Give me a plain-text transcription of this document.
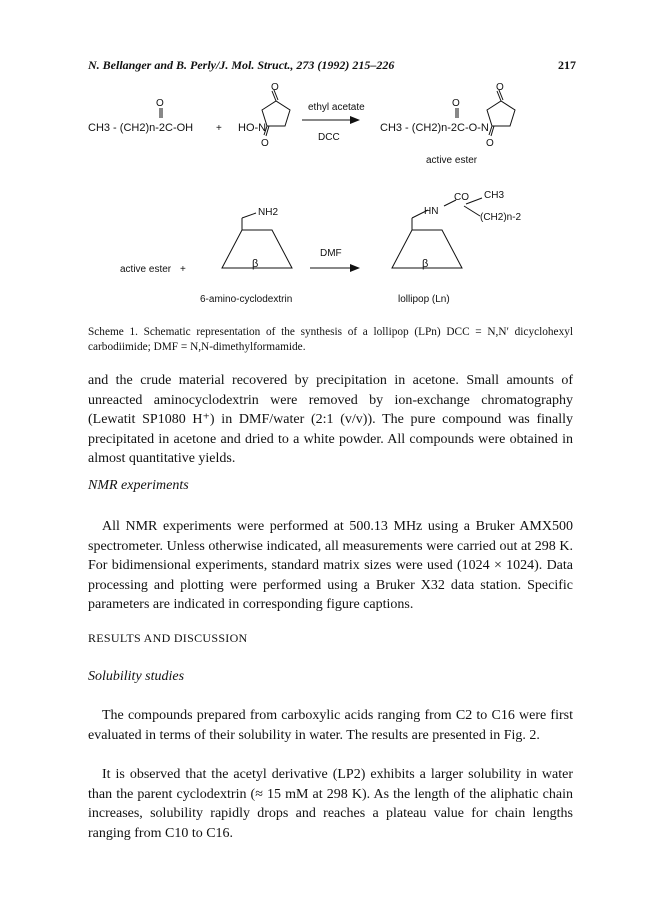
N. Bellanger and B. Perly/J. Mol. Struct., 273 (1992) 215–226	217
O
O
O
O
O
O
CH3 - (CH2)n-2C-OH + HO-N
ethyl acetate
DCC
CH3 - (CH2)n-2C-O-N
active ester
active ester +
NH2
β
6-amino-cyclodextrin
DMF
HN
CO CH3
(CH2)n-2
β
lollipop (Ln)
Scheme 1. Schematic representation of the synthesis of a lollipop (LPn) DCC = N,N′ dicyclohexyl carbodiimide; DMF = N,N-dimethylformamide.

and the crude material recovered by precipitation in acetone. Small amounts of unreacted aminocyclodextrin were removed by ion-exchange chromatography (Lewatit SP1080 H⁺) in DMF/water (2:1 (v/v)). The pure compound was finally precipitated in acetone and dried to a white powder. All compounds were obtained in almost quantitative yields.

NMR experiments

All NMR experiments were performed at 500.13 MHz using a Bruker AMX500 spectrometer. Unless otherwise indicated, all measurements were carried out at 298 K. For bidimensional experiments, standard matrix sizes were used (1024 × 1024). Data processing and plotting were performed using a Bruker X32 data station. Specific parameters are indicated in corresponding figure captions.

RESULTS AND DISCUSSION
Solubility studies

The compounds prepared from carboxylic acids ranging from C2 to C16 were first evaluated in terms of their solubility in water. The results are presented in Fig. 2.

It is observed that the acetyl derivative (LP2) exhibits a larger solubility in water than the parent cyclodextrin (≈ 15 mM at 298 K). As the length of the aliphatic chain increases, solubility rapidly drops and reaches a plateau value for chain lengths ranging from C10 to C16.
